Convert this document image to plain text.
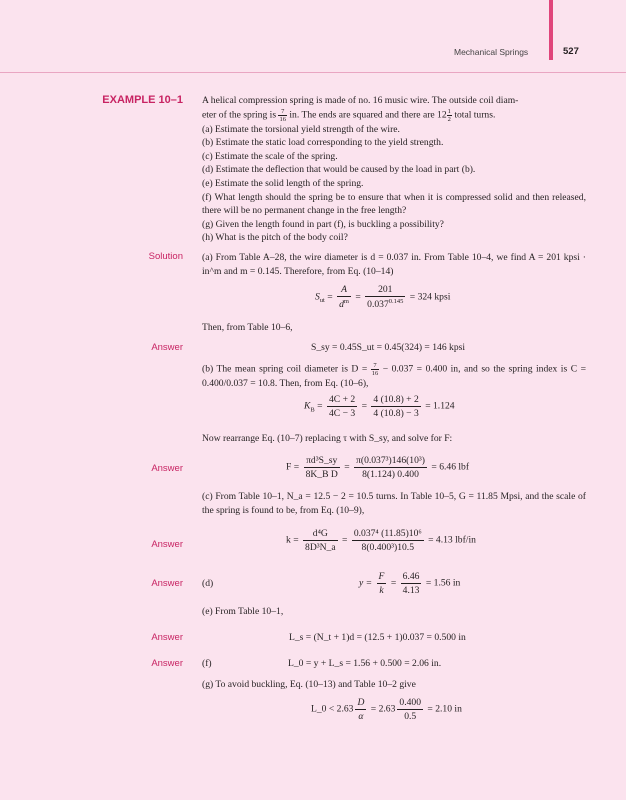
Mechanical Springs	527
EXAMPLE 10–1 A helical compression spring is made of no. 16 music wire. The outside coil diam-
eter of the spring is $\frac{7}{16}$ in. The ends are squared and there are $12 \frac{1}{2}$ total turns.
(a) Estimate the torsional yield strength of the wire.
(b) Estimate the static load corresponding to the yield strength.
(c) Estimate the scale of the spring.
(d) Estimate the deflection that would be caused by the load in part (b).
(e) Estimate the solid length of the spring.
(f) What length should the spring be to ensure that when it is compressed solid and then released, there will be no permanent change in the free length?
(g) Given the length found in part (f), is buckling a possibility?
(h) What is the pitch of the body coil?
Solution (a) From Table A–28, the wire diameter is d = 0.037 in. From Table 10–4, we find A = 201 kpsi · in^m and m = 0.145. Therefore, from Eq. (10–14)
$S_{ut} = \frac{A}{d^m} = \frac{201}{0.037^{0.145}} = 324$ kpsi
Then, from Table 10–6,
Answer	S_sy = 0.45S_ut = 0.45(324) = 146 kpsi
(b) The mean spring coil diameter is $D = \frac{7}{16} - 0.037 = 0.400$ in, and so the spring index is C = 0.400/0.037 = 10.8. Then, from Eq. (10–6),
$K_B = \frac{4C + 2}{4C - 3} = \frac{4 (10.8) + 2}{4 (10.8) - 3} = 1.124$
Now rearrange Eq. (10–7) replacing τ with S_sy, and solve for F:
Answer	$F = \frac{\text{πd³S\_sy}}{\text{8K\_B D}} = \frac{\text{π(0.037³)146(10³)}}{8(1.124) 0.400} = 6.46$ lbf
(c) From Table 10–1, N_a = 12.5 − 2 = 10.5 turns. In Table 10–5, G = 11.85 Mpsi, and the scale of the spring is found to be, from Eq. (10–9),
Answer	$k = \frac{\text{d⁴G}}{\text{8D³N\_a}} = \frac{\text{0.037⁴ (11.85)10⁶}}{\text{8(0.400³)10.5}} = 4.13$ lbf/in
Answer (d)	$y = \frac{F}{k} = \frac{6.46}{4.13} = 1.56$ in
(e) From Table 10–1,
Answer	L_s = (N_t + 1)d = (12.5 + 1)0.037 = 0.500 in
Answer (f)	L_0 = y + L_s = 1.56 + 0.500 = 2.06 in.
(g) To avoid buckling, Eq. (10–13) and Table 10–2 give
L_0 < $2.63 \frac{D}{\alpha} = 2.63 \frac{0.400}{0.5} = 2.10$ in
